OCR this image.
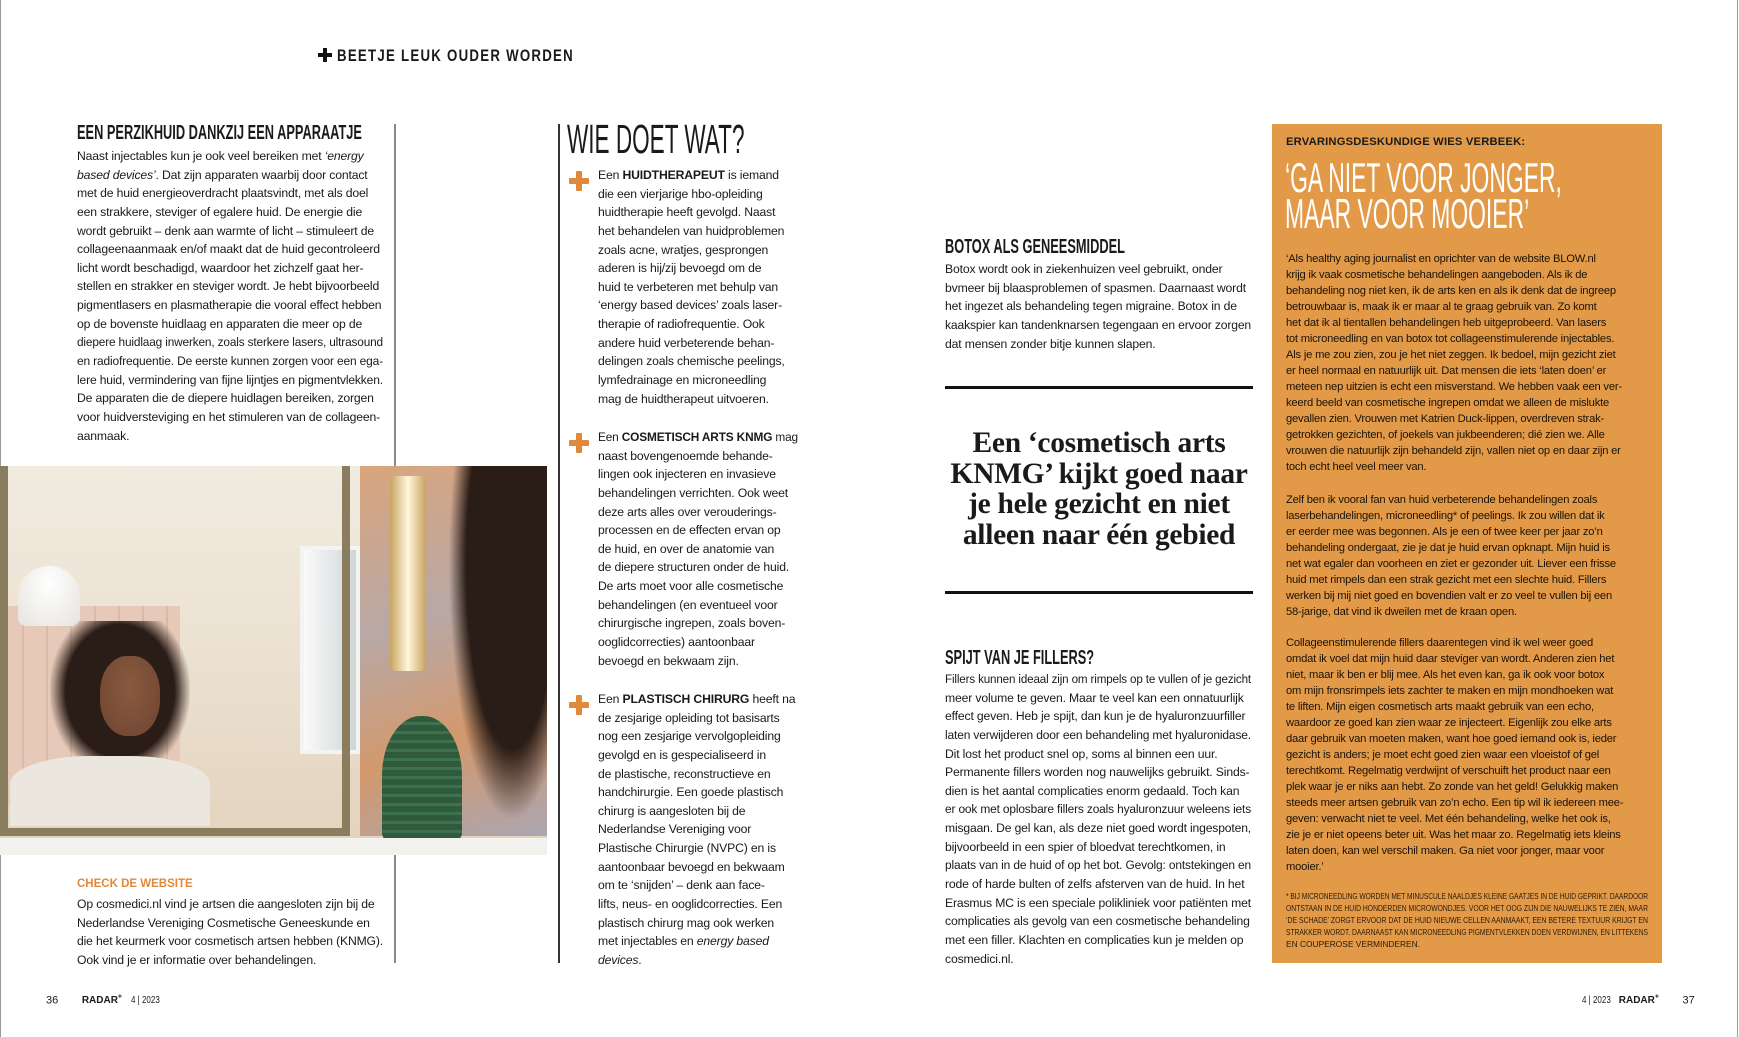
BEETJE LEUK OUDER WORDEN
EEN PERZIKHUID DANKZIJ EEN APPARAATJE
Naast injectables kun je ook veel bereiken met ‘energy
based devices’. Dat zijn apparaten waarbij door contact
met de huid energieoverdracht plaatsvindt, met als doel
een strakkere, steviger of egalere huid. De energie die
wordt gebruikt – denk aan warmte of licht – stimuleert de
collageenaanmaak en/of maakt dat de huid gecontroleerd
licht wordt beschadigd, waardoor het zichzelf gaat her-
stellen en strakker en steviger wordt. Je hebt bijvoorbeeld
pigmentlasers en plasmatherapie die vooral effect hebben
op de bovenste huidlaag en apparaten die meer op de
diepere huidlaag inwerken, zoals sterkere lasers, ultrasound
en radiofrequentie. De eerste kunnen zorgen voor een ega-
lere huid, vermindering van fijne lijntjes en pigmentvlekken.
De apparaten die de diepere huidlagen bereiken, zorgen
voor huidversteviging en het stimuleren van de collageen-
aanmaak.
CHECK DE WEBSITE
Op cosmedici.nl vind je artsen die aangesloten zijn bij de
Nederlandse Vereniging Cosmetische Geneeskunde en
die het keurmerk voor cosmetisch artsen hebben (KNMG).
Ook vind je er informatie over behandelingen.
WIE DOET WAT?
Een HUIDTHERAPEUT is iemand
die een vierjarige hbo-opleiding
huidtherapie heeft gevolgd. Naast
het behandelen van huidproblemen
zoals acne, wratjes, gesprongen
aderen is hij/zij bevoegd om de
huid te verbeteren met behulp van
‘energy based devices’ zoals laser-
therapie of radiofrequentie. Ook
andere huid verbeterende behan-
delingen zoals chemische peelings,
lymfedrainage en microneedling
mag de huidtherapeut uitvoeren.
Een COSMETISCH ARTS KNMG mag
naast bovengenoemde behande-
lingen ook injecteren en invasieve
behandelingen verrichten. Ook weet
deze arts alles over verouderings-
processen en de effecten ervan op
de huid, en over de anatomie van
de diepere structuren onder de huid.
De arts moet voor alle cosmetische
behandelingen (en eventueel voor
chirurgische ingrepen, zoals boven-
ooglidcorrecties) aantoonbaar
bevoegd en bekwaam zijn.
Een PLASTISCH CHIRURG heeft na
de zesjarige opleiding tot basisarts
nog een zesjarige vervolgopleiding
gevolgd en is gespecialiseerd in
de plastische, reconstructieve en
handchirurgie. Een goede plastisch
chirurg is aangesloten bij de
Nederlandse Vereniging voor
Plastische Chirurgie (NVPC) en is
aantoonbaar bevoegd en bekwaam
om te ‘snijden’ – denk aan face-
lifts, neus- en ooglidcorrecties. Een
plastisch chirurg mag ook werken
met injectables en energy based
devices.
BOTOX ALS GENEESMIDDEL
Botox wordt ook in ziekenhuizen veel gebruikt, onder
bvmeer bij blaasproblemen of spasmen. Daarnaast wordt
het ingezet als behandeling tegen migraine. Botox in de
kaakspier kan tandenknarsen tegengaan en ervoor zorgen
dat mensen zonder bitje kunnen slapen.
Een ‘cosmetisch arts
KNMG’ kijkt goed naar
je hele gezicht en niet
alleen naar één gebied
SPIJT VAN JE FILLERS?
Fillers kunnen ideaal zijn om rimpels op te vullen of je gezicht
meer volume te geven. Maar te veel kan een onnatuurlijk
effect geven. Heb je spijt, dan kun je de hyaluronzuurfiller
laten verwijderen door een behandeling met hyaluronidase.
Dit lost het product snel op, soms al binnen een uur.
Permanente fillers worden nog nauwelijks gebruikt. Sinds-
dien is het aantal complicaties enorm gedaald. Toch kan
er ook met oplosbare fillers zoals hyaluronzuur weleens iets
misgaan. De gel kan, als deze niet goed wordt ingespoten,
bijvoorbeeld in een spier of bloedvat terechtkomen, in
plaats van in de huid of op het bot. Gevolg: ontstekingen en
rode of harde bulten of zelfs afsterven van de huid. In het
Erasmus MC is een speciale polikliniek voor patiënten met
complicaties als gevolg van een cosmetische behandeling
met een filler. Klachten en complicaties kun je melden op
cosmedici.nl.
ERVARINGSDESKUNDIGE WIES VERBEEK:
‘GA NIET VOOR JONGER,
MAAR VOOR MOOIER’
‘Als healthy aging journalist en oprichter van de website BLOW.nl
krijg ik vaak cosmetische behandelingen aangeboden. Als ik de
behandeling nog niet ken, ik de arts ken en als ik denk dat de ingreep
betrouwbaar is, maak ik er maar al te graag gebruik van. Zo komt
het dat ik al tientallen behandelingen heb uitgeprobeerd. Van lasers
tot microneedling en van botox tot collageenstimulerende injectables.
Als je me zou zien, zou je het niet zeggen. Ik bedoel, mijn gezicht ziet
er heel normaal en natuurlijk uit. Dat mensen die iets ‘laten doen’ er
meteen nep uitzien is echt een misverstand. We hebben vaak een ver-
keerd beeld van cosmetische ingrepen omdat we alleen de mislukte
gevallen zien. Vrouwen met Katrien Duck-lippen, overdreven strak-
getrokken gezichten, of joekels van jukbeenderen; dié zien we. Alle
vrouwen die natuurlijk zijn behandeld zijn, vallen niet op en daar zijn er
toch echt heel veel meer van.
Zelf ben ik vooral fan van huid verbeterende behandelingen zoals
laserbehandelingen, microneedling* of peelings. Ik zou willen dat ik
er eerder mee was begonnen. Als je een of twee keer per jaar zo’n
behandeling ondergaat, zie je dat je huid ervan opknapt. Mijn huid is
net wat egaler dan voorheen en ziet er gezonder uit. Liever een frisse
huid met rimpels dan een strak gezicht met een slechte huid. Fillers
werken bij mij niet goed en bovendien valt er zo veel te vullen bij een
58-jarige, dat vind ik dweilen met de kraan open.
Collageenstimulerende fillers daarentegen vind ik wel weer goed
omdat ik voel dat mijn huid daar steviger van wordt. Anderen zien het
niet, maar ik ben er blij mee. Als het even kan, ga ik ook voor botox
om mijn fronsrimpels iets zachter te maken en mijn mondhoeken wat
te liften. Mijn eigen cosmetisch arts maakt gebruik van een echo,
waardoor ze goed kan zien waar ze injecteert. Eigenlijk zou elke arts
daar gebruik van moeten maken, want hoe goed iemand ook is, ieder
gezicht is anders; je moet echt goed zien waar een vloeistof of gel
terechtkomt. Regelmatig verdwijnt of verschuift het product naar een
plek waar je er niks aan hebt. Zo zonde van het geld! Gelukkig maken
steeds meer artsen gebruik van zo’n echo. Een tip wil ik iedereen mee-
geven: verwacht niet te veel. Met één behandeling, welke het ook is,
zie je er niet opeens beter uit. Was het maar zo. Regelmatig iets kleins
laten doen, kan wel verschil maken. Ga niet voor jonger, maar voor
mooier.’
* BIJ MICRONEEDLING WORDEN MET MINUSCULE NAALDJES KLEINE GAATJES IN DE HUID GEPRIKT. DAARDOOR
ONTSTAAN IN DE HUID HONDERDEN MICROWONDJES. VOOR HET OOG ZIJN DIE NAUWELIJKS TE ZIEN, MAAR
‘DE SCHADE’ ZORGT ERVOOR DAT DE HUID NIEUWE CELLEN AANMAAKT, EEN BETERE TEXTUUR KRIJGT EN
STRAKKER WORDT. DAARNAAST KAN MICRONEEDLING PIGMENTVLEKKEN DOEN VERDWIJNEN, EN LITTEKENS
EN COUPEROSE VERMINDEREN.
36 RADAR+ 4 | 2023	4 | 2023 RADAR+ 37
